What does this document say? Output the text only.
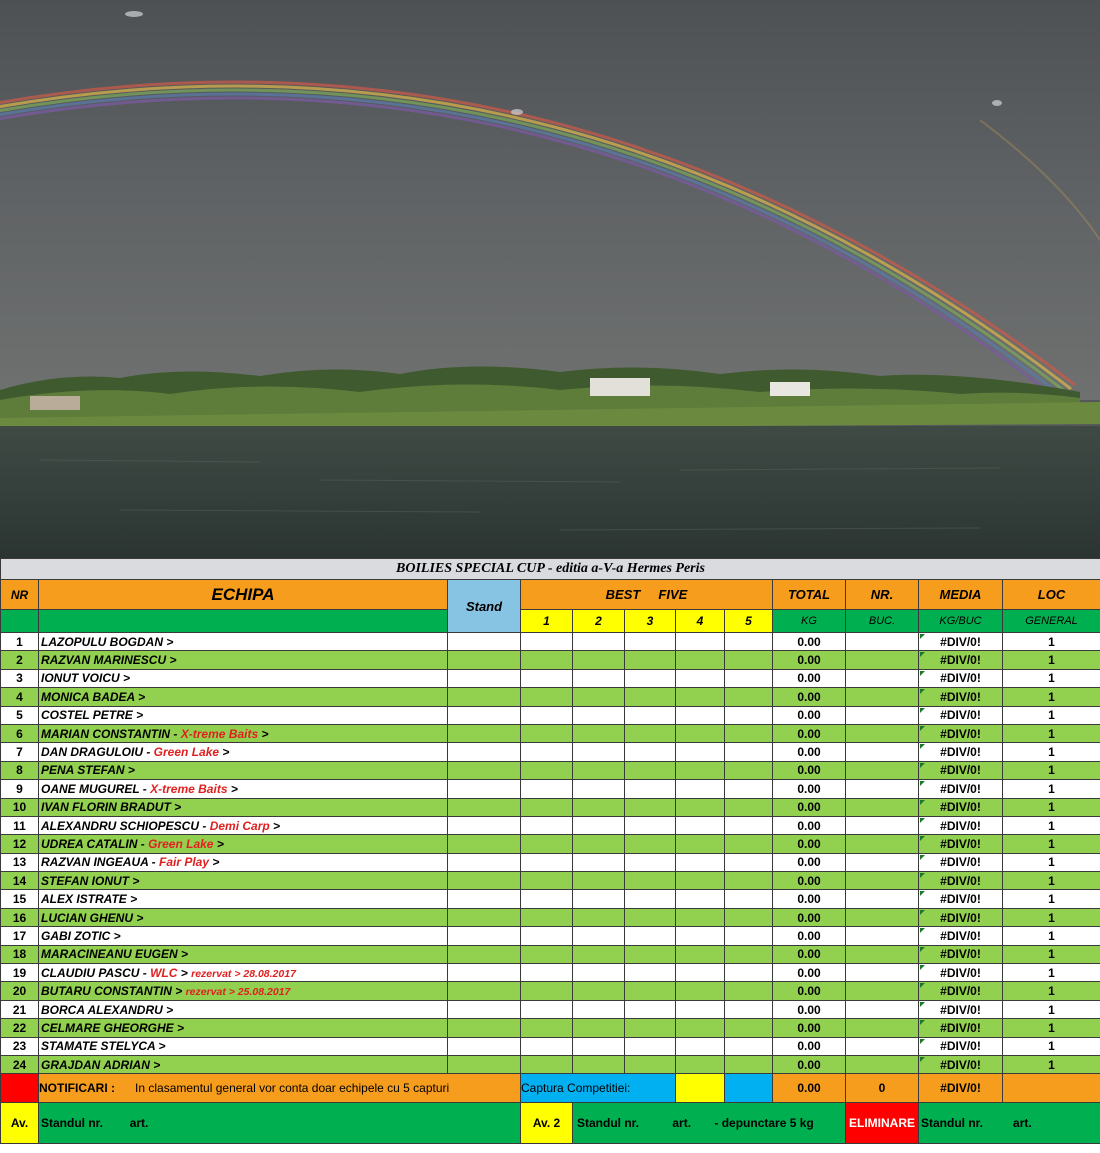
BOILIES SPECIAL CUP - editia a-V-a Hermes Peris											
NR	ECHIPA	Stand	BEST FIVE					TOTAL	NR.	MEDIA	LOC
			1	2	3	4	5	KG	BUC.	KG/BUC	GENERAL
1	LAZOPULU BOGDAN >							0.00		#DIV/0!	1
2	RAZVAN MARINESCU >							0.00		#DIV/0!	1
3	IONUT VOICU >							0.00		#DIV/0!	1
4	MONICA BADEA >							0.00		#DIV/0!	1
5	COSTEL PETRE >							0.00		#DIV/0!	1
6	MARIAN CONSTANTIN - X-treme Baits >							0.00		#DIV/0!	1
7	DAN DRAGULOIU - Green Lake >							0.00		#DIV/0!	1
8	PENA STEFAN >							0.00		#DIV/0!	1
9	OANE MUGUREL - X-treme Baits >							0.00		#DIV/0!	1
10	IVAN FLORIN BRADUT >							0.00		#DIV/0!	1
11	ALEXANDRU SCHIOPESCU - Demi Carp >							0.00		#DIV/0!	1
12	UDREA CATALIN - Green Lake >							0.00		#DIV/0!	1
13	RAZVAN INGEAUA - Fair Play >							0.00		#DIV/0!	1
14	STEFAN IONUT >							0.00		#DIV/0!	1
15	ALEX ISTRATE >							0.00		#DIV/0!	1
16	LUCIAN GHENU >							0.00		#DIV/0!	1
17	GABI ZOTIC >							0.00		#DIV/0!	1
18	MARACINEANU EUGEN >							0.00		#DIV/0!	1
19	CLAUDIU PASCU - WLC > rezervat > 28.08.2017							0.00		#DIV/0!	1
20	BUTARU CONSTANTIN > rezervat > 25.08.2017							0.00		#DIV/0!	1
21	BORCA ALEXANDRU >							0.00		#DIV/0!	1
22	CELMARE GHEORGHE >							0.00		#DIV/0!	1
23	STAMATE STELYCA >							0.00		#DIV/0!	1
24	GRAJDAN ADRIAN >							0.00		#DIV/0!	1
	NOTIFICARI : In clasamentul general vor conta doar echipele cu 5 capturi		Captura Competitiei:					0.00	0	#DIV/0!	
Av.	Standul nr. art.		Av. 2	Standul nr. art. - depunctare 5 kg					ELIMINARE	Standul nr. art.	
